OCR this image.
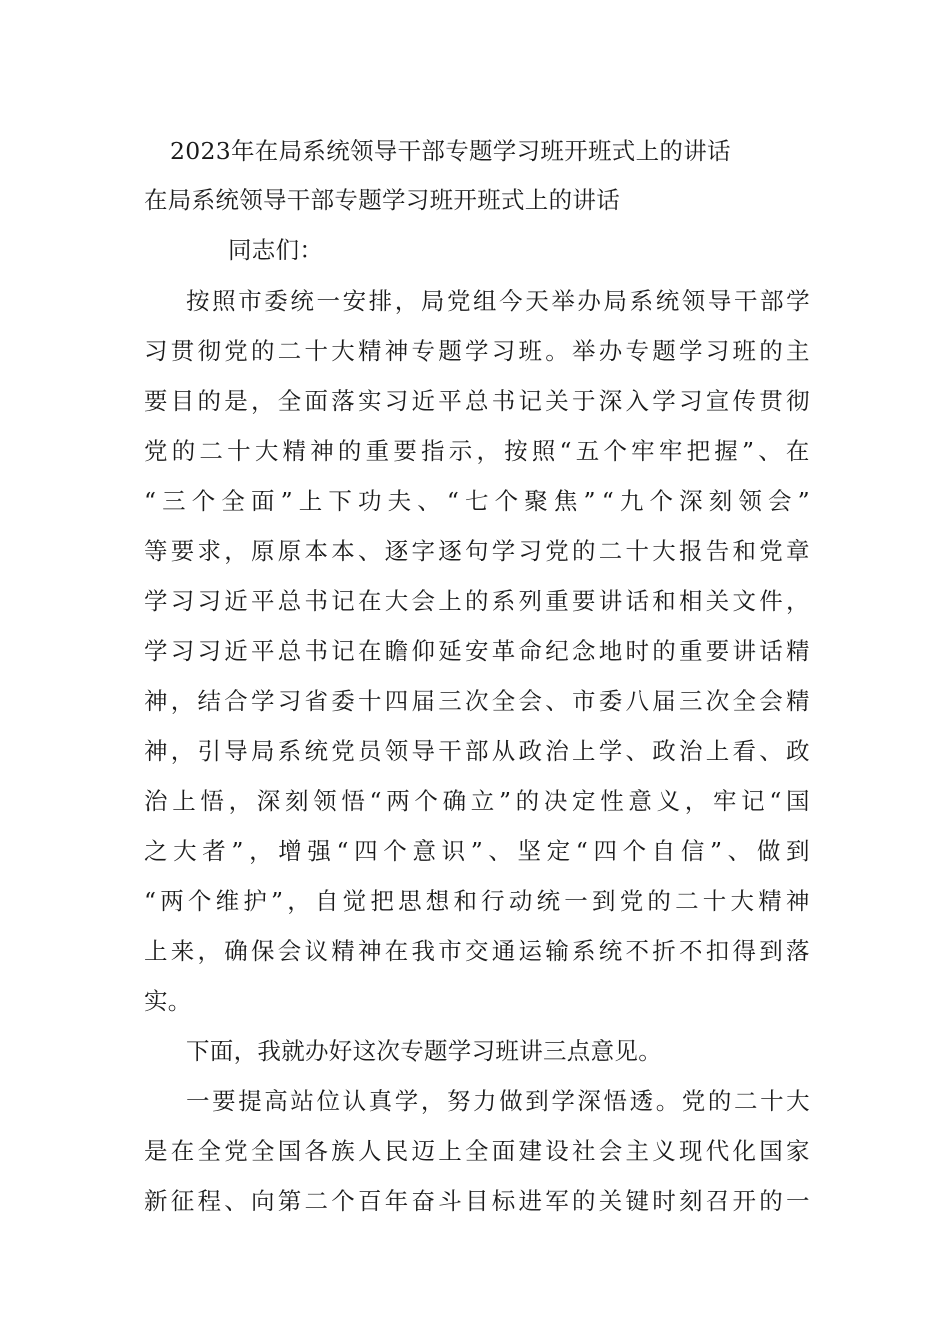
2023年在局系统领导干部专题学习班开班式上的讲话
在局系统领导干部专题学习班开班式上的讲话
同志们：
按 照 市 委 统 一 安 排 ， 局 党 组 今 天 举 办 局 系 统 领 导 干 部 学
习 贯 彻 党 的 二 十 大 精 神 专 题 学 习 班 。 举 办 专 题 学 习 班 的 主
要 目 的 是 ， 全 面 落 实 习 近 平 总 书 记 关 于 深 入 学 习 宣 传 贯 彻
党 的 二 十 大 精 神 的 重 要 指 示 ， 按 照 “ 五 个 牢 牢 把 握 ” 、 在
“ 三 个 全 面 ” 上 下 功 夫 、 “ 七 个 聚 焦 ” “ 九 个 深 刻 领 会 ”
等 要 求 ， 原 原 本 本 、 逐 字 逐 句 学 习 党 的 二 十 大 报 告 和 党 章
学 习 习 近 平 总 书 记 在 大 会 上 的 系 列 重 要 讲 话 和 相 关 文 件 ，
学 习 习 近 平 总 书 记 在 瞻 仰 延 安 革 命 纪 念 地 时 的 重 要 讲 话 精
神 ， 结 合 学 习 省 委 十 四 届 三 次 全 会 、 市 委 八 届 三 次 全 会 精
神 ， 引 导 局 系 统 党 员 领 导 干 部 从 政 治 上 学 、 政 治 上 看 、 政
治 上 悟 ， 深 刻 领 悟 “ 两 个 确 立 ” 的 决 定 性 意 义 ， 牢 记 “ 国
之 大 者 ” ， 增 强 “ 四 个 意 识 ” 、 坚 定 “ 四 个 自 信 ” 、 做 到
“ 两 个 维 护 ” ， 自 觉 把 思 想 和 行 动 统 一 到 党 的 二 十 大 精 神
上 来 ， 确 保 会 议 精 神 在 我 市 交 通 运 输 系 统 不 折 不 扣 得 到 落
实。
下面，我就办好这次专题学习班讲三点意见。
一 要 提 高 站 位 认 真 学 ， 努 力 做 到 学 深 悟 透 。 党 的 二 十 大
是 在 全 党 全 国 各 族 人 民 迈 上 全 面 建 设 社 会 主 义 现 代 化 国 家
新 征 程 、 向 第 二 个 百 年 奋 斗 目 标 进 军 的 关 键 时 刻 召 开 的 一
